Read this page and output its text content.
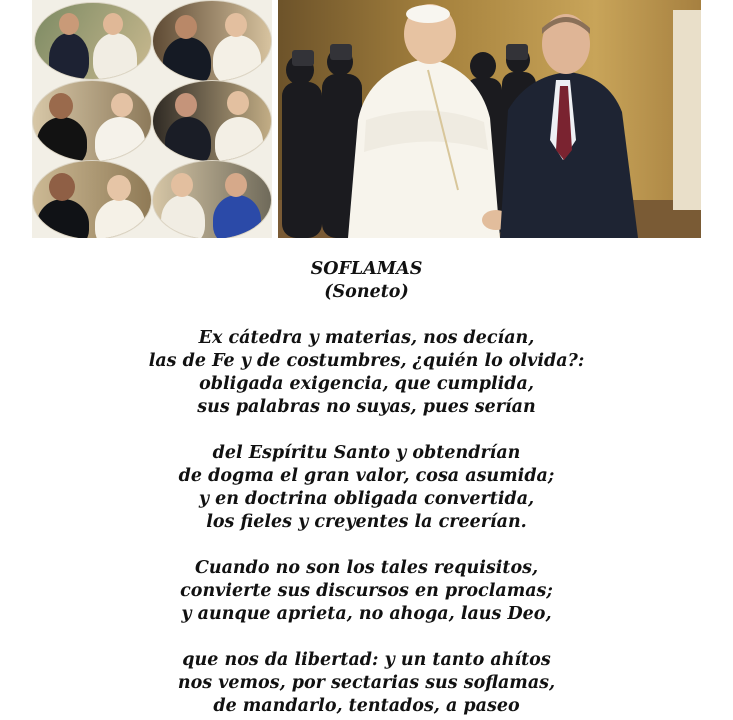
SOFLAMAS
(Soneto)
Ex cátedra y materias, nos decían,
las de Fe y de costumbres, ¿quién lo olvida?:
obligada exigencia, que cumplida,
sus palabras no suyas, pues serían
del Espíritu Santo y obtendrían
de dogma el gran valor, cosa asumida;
y en doctrina obligada convertida,
los fieles y creyentes la creerían.
Cuando no son los tales requisitos,
convierte sus discursos en proclamas;
y aunque aprieta, no ahoga, laus Deo,
que nos da libertad: y un tanto ahítos
nos vemos, por sectarias sus soflamas,
de mandarlo, tentados, a paseo
